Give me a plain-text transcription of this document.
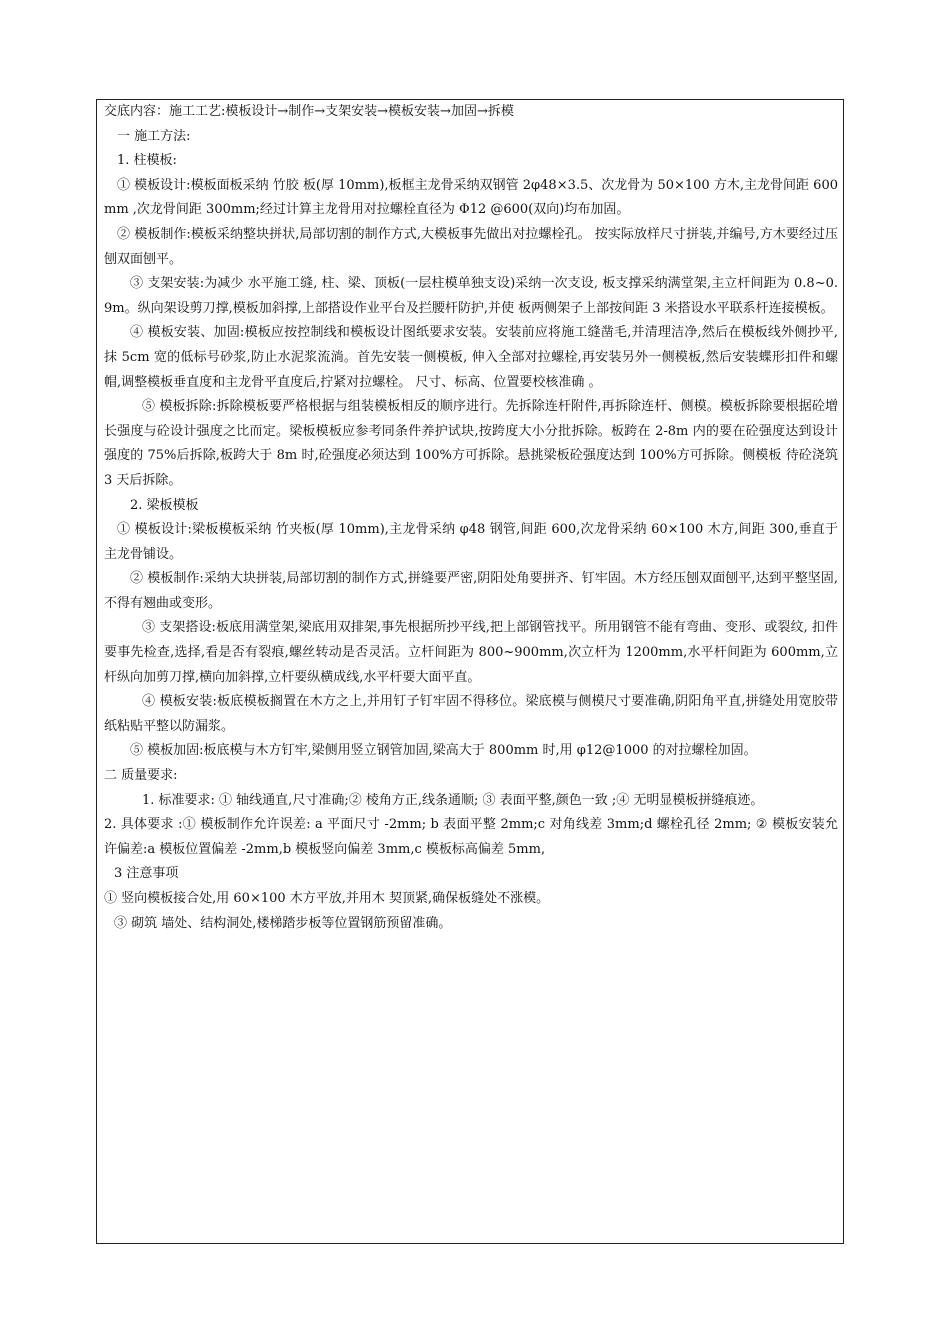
交底内容：施工工艺:模板设计→制作→支架安装→模板安装→加固→拆模

一 施工方法:

1. 柱模板:

① 模板设计:模板面板采纳 竹胶 板(厚 10mm),板框主龙骨采纳双钢管 2φ48×3.5、次龙骨为 50×100 方木,主龙骨间距 600mm ,次龙骨间距 300mm;经过计算主龙骨用对拉螺栓直径为 Φ12 @600(双向)均布加固。

② 模板制作:模板采纳整块拼状,局部切割的制作方式,大模板事先做出对拉螺栓孔。 按实际放样尺寸拼装,并编号,方木要经过压刨双面刨平。

③ 支架安装:为减少 水平施工缝, 柱、梁、顶板(一层柱模单独支设)采纳一次支设, 板支撑采纳满堂架,主立杆间距为 0.8~0.9m。纵向架设剪刀撑,模板加斜撑,上部搭设作业平台及拦腰杆防护,并使 板两侧架子上部按间距 3 米搭设水平联系杆连接模板。

④ 模板安装、加固:模板应按控制线和模板设计图纸要求安装。安装前应将施工缝凿毛,并清理洁净,然后在模板线外侧抄平,抹 5cm 宽的低标号砂浆,防止水泥浆流淌。首先安装一侧模板, 伸入全部对拉螺栓,再安装另外一侧模板,然后安装蝶形扣件和螺帽,调整模板垂直度和主龙骨平直度后,拧紧对拉螺栓。 尺寸、标高、位置要校核准确 。

⑤ 模板拆除:拆除模板要严格根据与组装模板相反的顺序进行。先拆除连杆附件,再拆除连杆、侧模。模板拆除要根据砼增长强度与砼设计强度之比而定。梁板模板应参考同条件养护试块,按跨度大小分批拆除。板跨在 2-8m 内的要在砼强度达到设计强度的 75%后拆除,板跨大于 8m 时,砼强度必须达到 100%方可拆除。悬挑梁板砼强度达到 100%方可拆除。侧模板 待砼浇筑 3 天后拆除。

2. 梁板模板

① 模板设计:梁板模板采纳 竹夹板(厚 10mm),主龙骨采纳 φ48 钢管,间距 600,次龙骨采纳 60×100 木方,间距 300,垂直于主龙骨铺设。

② 模板制作:采纳大块拼装,局部切割的制作方式,拼缝要严密,阴阳处角要拼齐、钉牢固。木方经压刨双面刨平,达到平整坚固,不得有翘曲或变形。

③ 支架搭设:板底用满堂架,梁底用双排架,事先根据所抄平线,把上部钢管找平。所用钢管不能有弯曲、变形、或裂纹, 扣件要事先检查,选择,看是否有裂痕,螺丝转动是否灵活。立杆间距为 800~900mm,次立杆为 1200mm,水平杆间距为 600mm,立杆纵向加剪刀撑,横向加斜撑,立杆要纵横成线,水平杆要大面平直。

④ 模板安装:板底模板搁置在木方之上,并用钉子钉牢固不得移位。梁底模与侧模尺寸要准确,阴阳角平直,拼缝处用宽胶带纸粘贴平整以防漏浆。

⑤ 模板加固:板底模与木方钉牢,梁侧用竖立钢管加固,梁高大于 800mm 时,用 φ12@1000 的对拉螺栓加固。

二 质量要求:

1. 标准要求: ① 轴线通直,尺寸准确;② 棱角方正,线条通顺; ③ 表面平整,颜色一致 ;④ 无明显模板拼缝痕迹。

2. 具体要求 :① 模板制作允许误差: a 平面尺寸 -2mm; b 表面平整 2mm;c 对角线差 3mm;d 螺栓孔径 2mm; ② 模板安装允许偏差:a 模板位置偏差 -2mm,b 模板竖向偏差 3mm,c 模板标高偏差 5mm,

3 注意事项

① 竖向模板接合处,用 60×100 木方平放,并用木 契顶紧,确保板缝处不涨模。

③ 砌筑 墙处、结构洞处,楼梯踏步板等位置钢筋预留准确。
